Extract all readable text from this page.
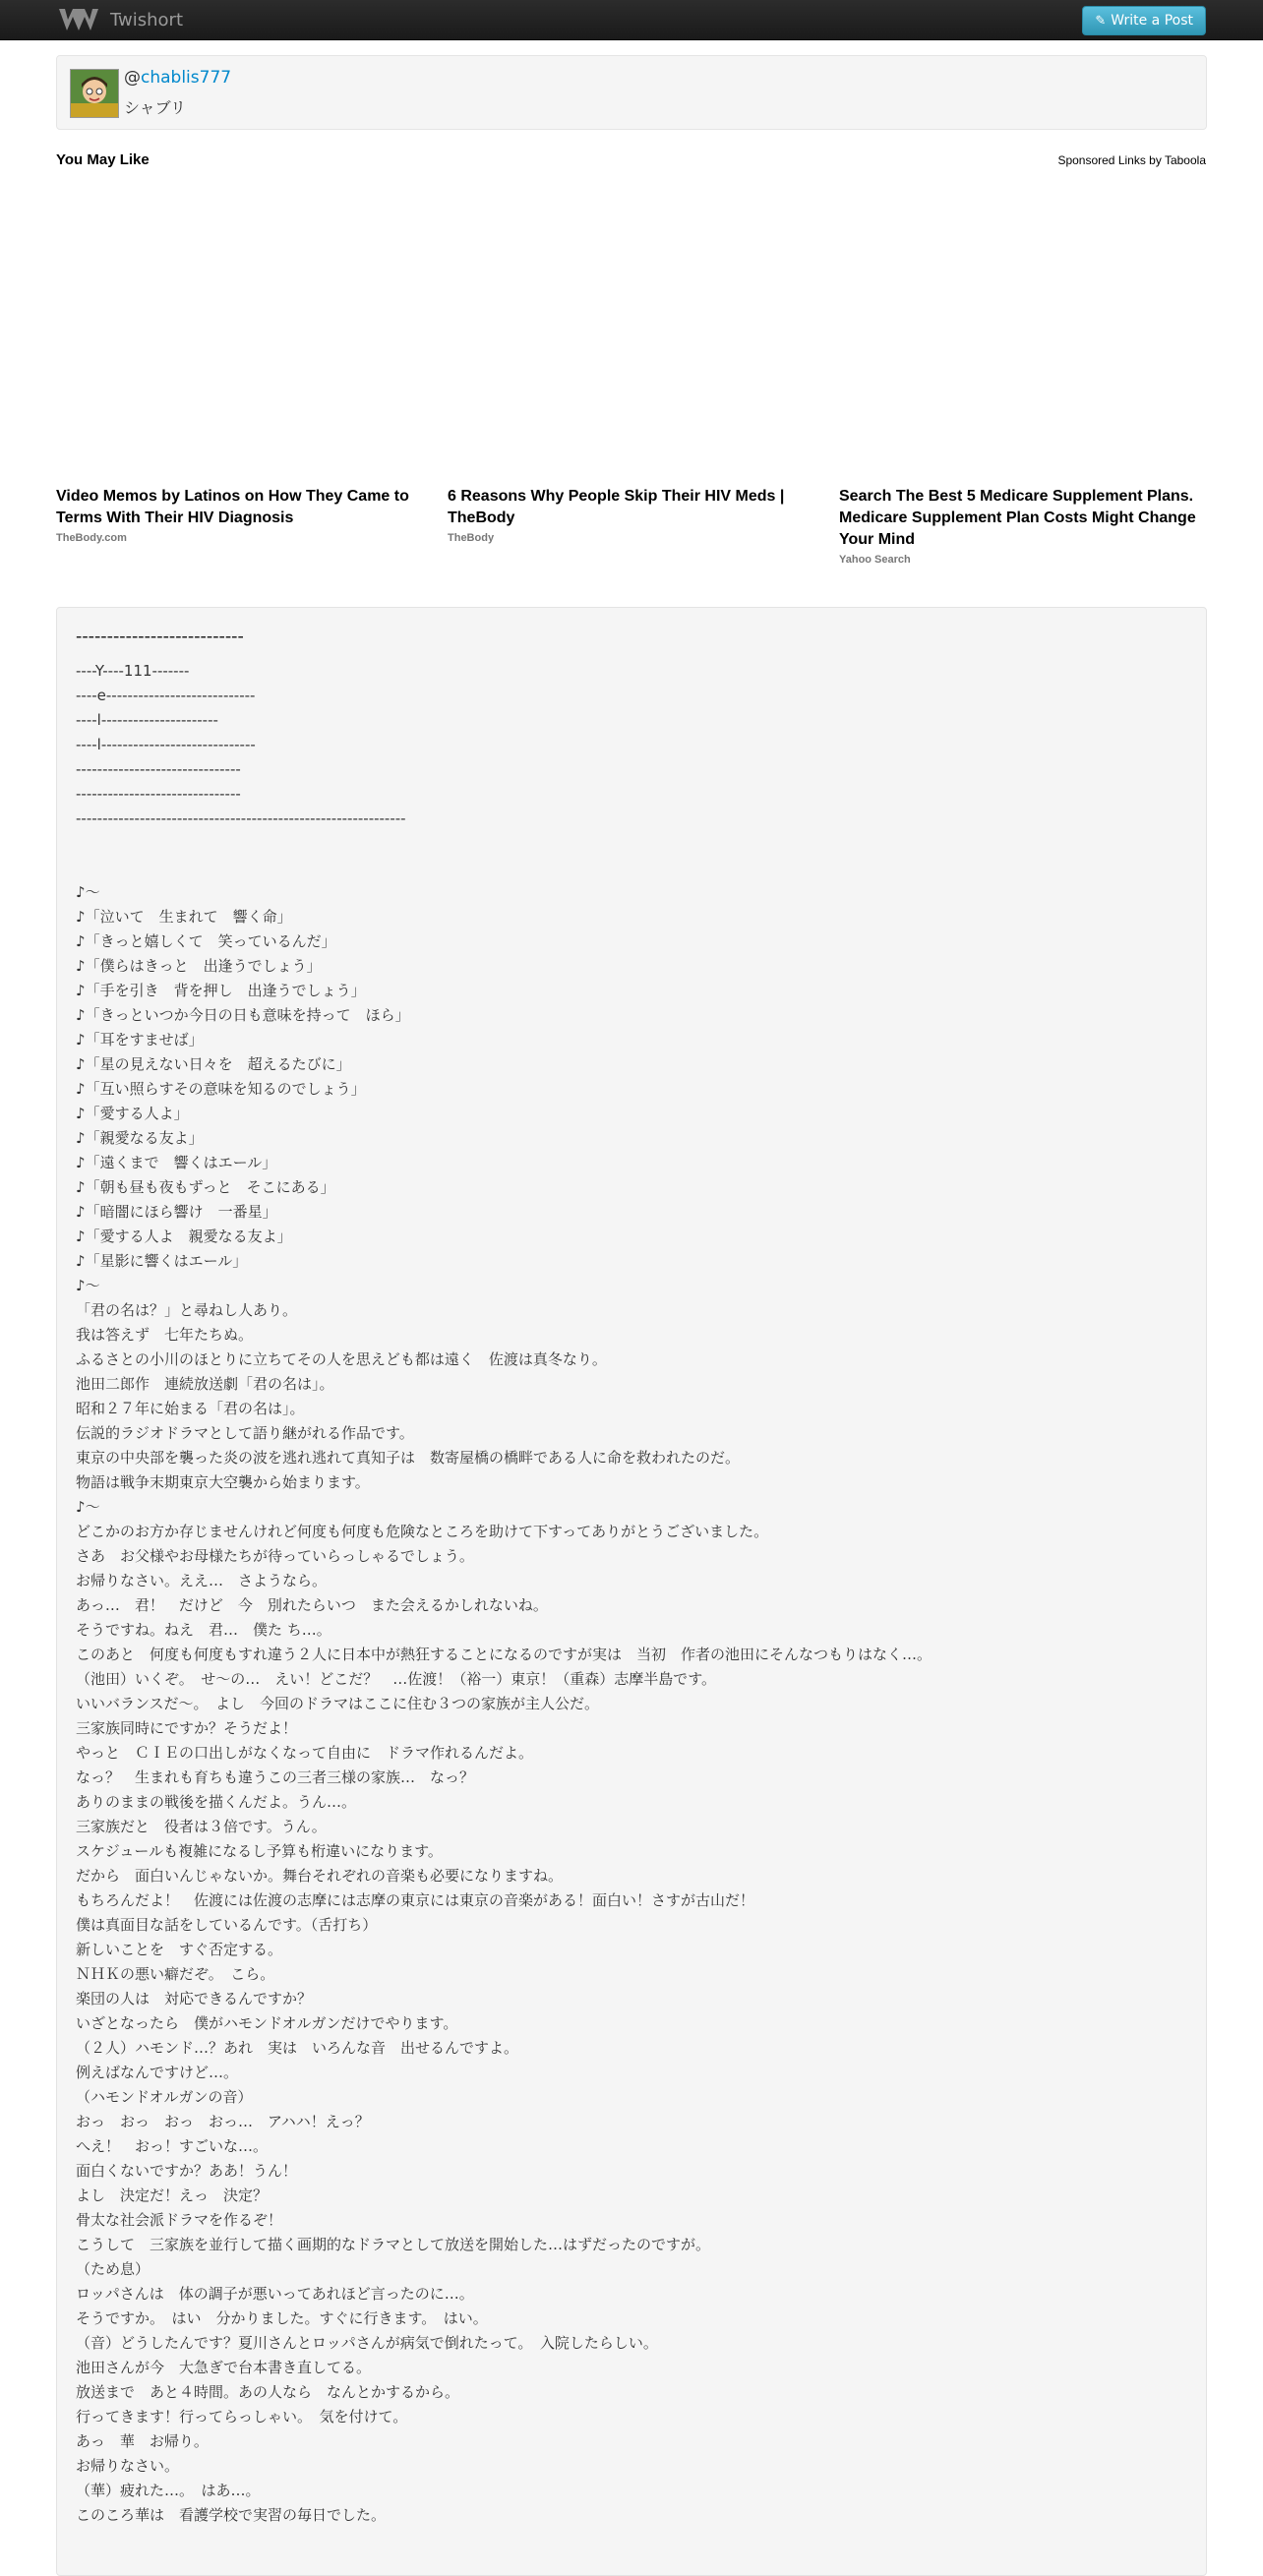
Twishort	✎ Write a Post
@chablis777
シャブリ
You May Like	Sponsored Links by Taboola
Video Memos by Latinos on How They Came to Terms With Their HIV Diagnosis
TheBody.com
6 Reasons Why People Skip Their HIV Meds | TheBody
TheBody
Search The Best 5 Medicare Supplement Plans. Medicare Supplement Plan Costs Might Change Your Mind
Yahoo Search
---------------------------
----Y----111-------
----e----------------------------
----l----------------------
----l-----------------------------
-------------------------------
-------------------------------
--------------------------------------------------------------
♪～
♪「泣いて　生まれて　響く命」
♪「きっと嬉しくて　笑っているんだ」
♪「僕らはきっと　出逢うでしょう」
♪「手を引き　背を押し　出逢うでしょう」
♪「きっといつか今日の日も意味を持って　ほら」
♪「耳をすませば」
♪「星の見えない日々を　超えるたびに」
♪「互い照らすその意味を知るのでしょう」
♪「愛する人よ」
♪「親愛なる友よ」
♪「遠くまで　響くはエール」
♪「朝も昼も夜もずっと　そこにある」
♪「暗闇にほら響け　一番星」
♪「愛する人よ　親愛なる友よ」
♪「星影に響くはエール」
♪～
「君の名は？」と尋ねし人あり。
我は答えず　七年たちぬ。
ふるさとの小川のほとりに立ちてその人を思えども都は遠く　佐渡は真冬なり。
池田二郎作　連続放送劇「君の名は」。
昭和２７年に始まる「君の名は」。
伝説的ラジオドラマとして語り継がれる作品です。
東京の中央部を襲った炎の波を逃れ逃れて真知子は　数寄屋橋の橋畔である人に命を救われたのだ。
物語は戦争末期東京大空襲から始まります。
♪～
どこかのお方か存じませんけれど何度も何度も危険なところを助けて下すってありがとうございました。
さあ　お父様やお母様たちが待っていらっしゃるでしょう。
お帰りなさい。ええ…　さようなら。
あっ…　君！　だけど　今　別れたらいつ　また会えるかしれないね。
そうですね。ねえ　君…　僕た ち…。
このあと　何度も何度もすれ違う２人に日本中が熱狂することになるのですが実は　当初　作者の池田にそんなつもりはなく…。
（池田）いくぞ。　せ～の…　えい！どこだ？　…佐渡！（裕一）東京！（重森）志摩半島です。
いいバランスだ～。　よし　今回のドラマはここに住む３つの家族が主人公だ。
三家族同時にですか？そうだよ！
やっと　ＣＩＥの口出しがなくなって自由に　ドラマ作れるんだよ。
なっ？　生まれも育ちも違うこの三者三様の家族…　なっ？
ありのままの戦後を描くんだよ。うん…。
三家族だと　役者は３倍です。うん。
スケジュールも複雑になるし予算も桁違いになります。
だから　面白いんじゃないか。舞台それぞれの音楽も必要になりますね。
もちろんだよ！　佐渡には佐渡の志摩には志摩の東京には東京の音楽がある！面白い！さすが古山だ！
僕は真面目な話をしているんです。（舌打ち）
新しいことを　すぐ否定する。
ＮＨＫの悪い癖だぞ。　こら。
楽団の人は　対応できるんですか？
いざとなったら　僕がハモンドオルガンだけでやります。
（２人）ハモンド…？あれ　実は　いろんな音　出せるんですよ。
例えばなんですけど…。
（ハモンドオルガンの音）
おっ　おっ　おっ　おっ…　アハハ！えっ？
へえ！　おっ！すごいな…。
面白くないですか？ああ！うん！
よし　決定だ！えっ　決定？
骨太な社会派ドラマを作るぞ！
こうして　三家族を並行して描く画期的なドラマとして放送を開始した…はずだったのですが。
（ため息）
ロッパさんは　体の調子が悪いってあれほど言ったのに…。
そうですか。　はい　分かりました。すぐに行きます。　はい。
（音）どうしたんです？夏川さんとロッパさんが病気で倒れたって。　入院したらしい。
池田さんが今　大急ぎで台本書き直してる。
放送まで　あと４時間。あの人なら　なんとかするから。
行ってきます！行ってらっしゃい。　気を付けて。
あっ　華　お帰り。
お帰りなさい。
（華）疲れた…。　はあ…。
このころ華は　看護学校で実習の毎日でした。
